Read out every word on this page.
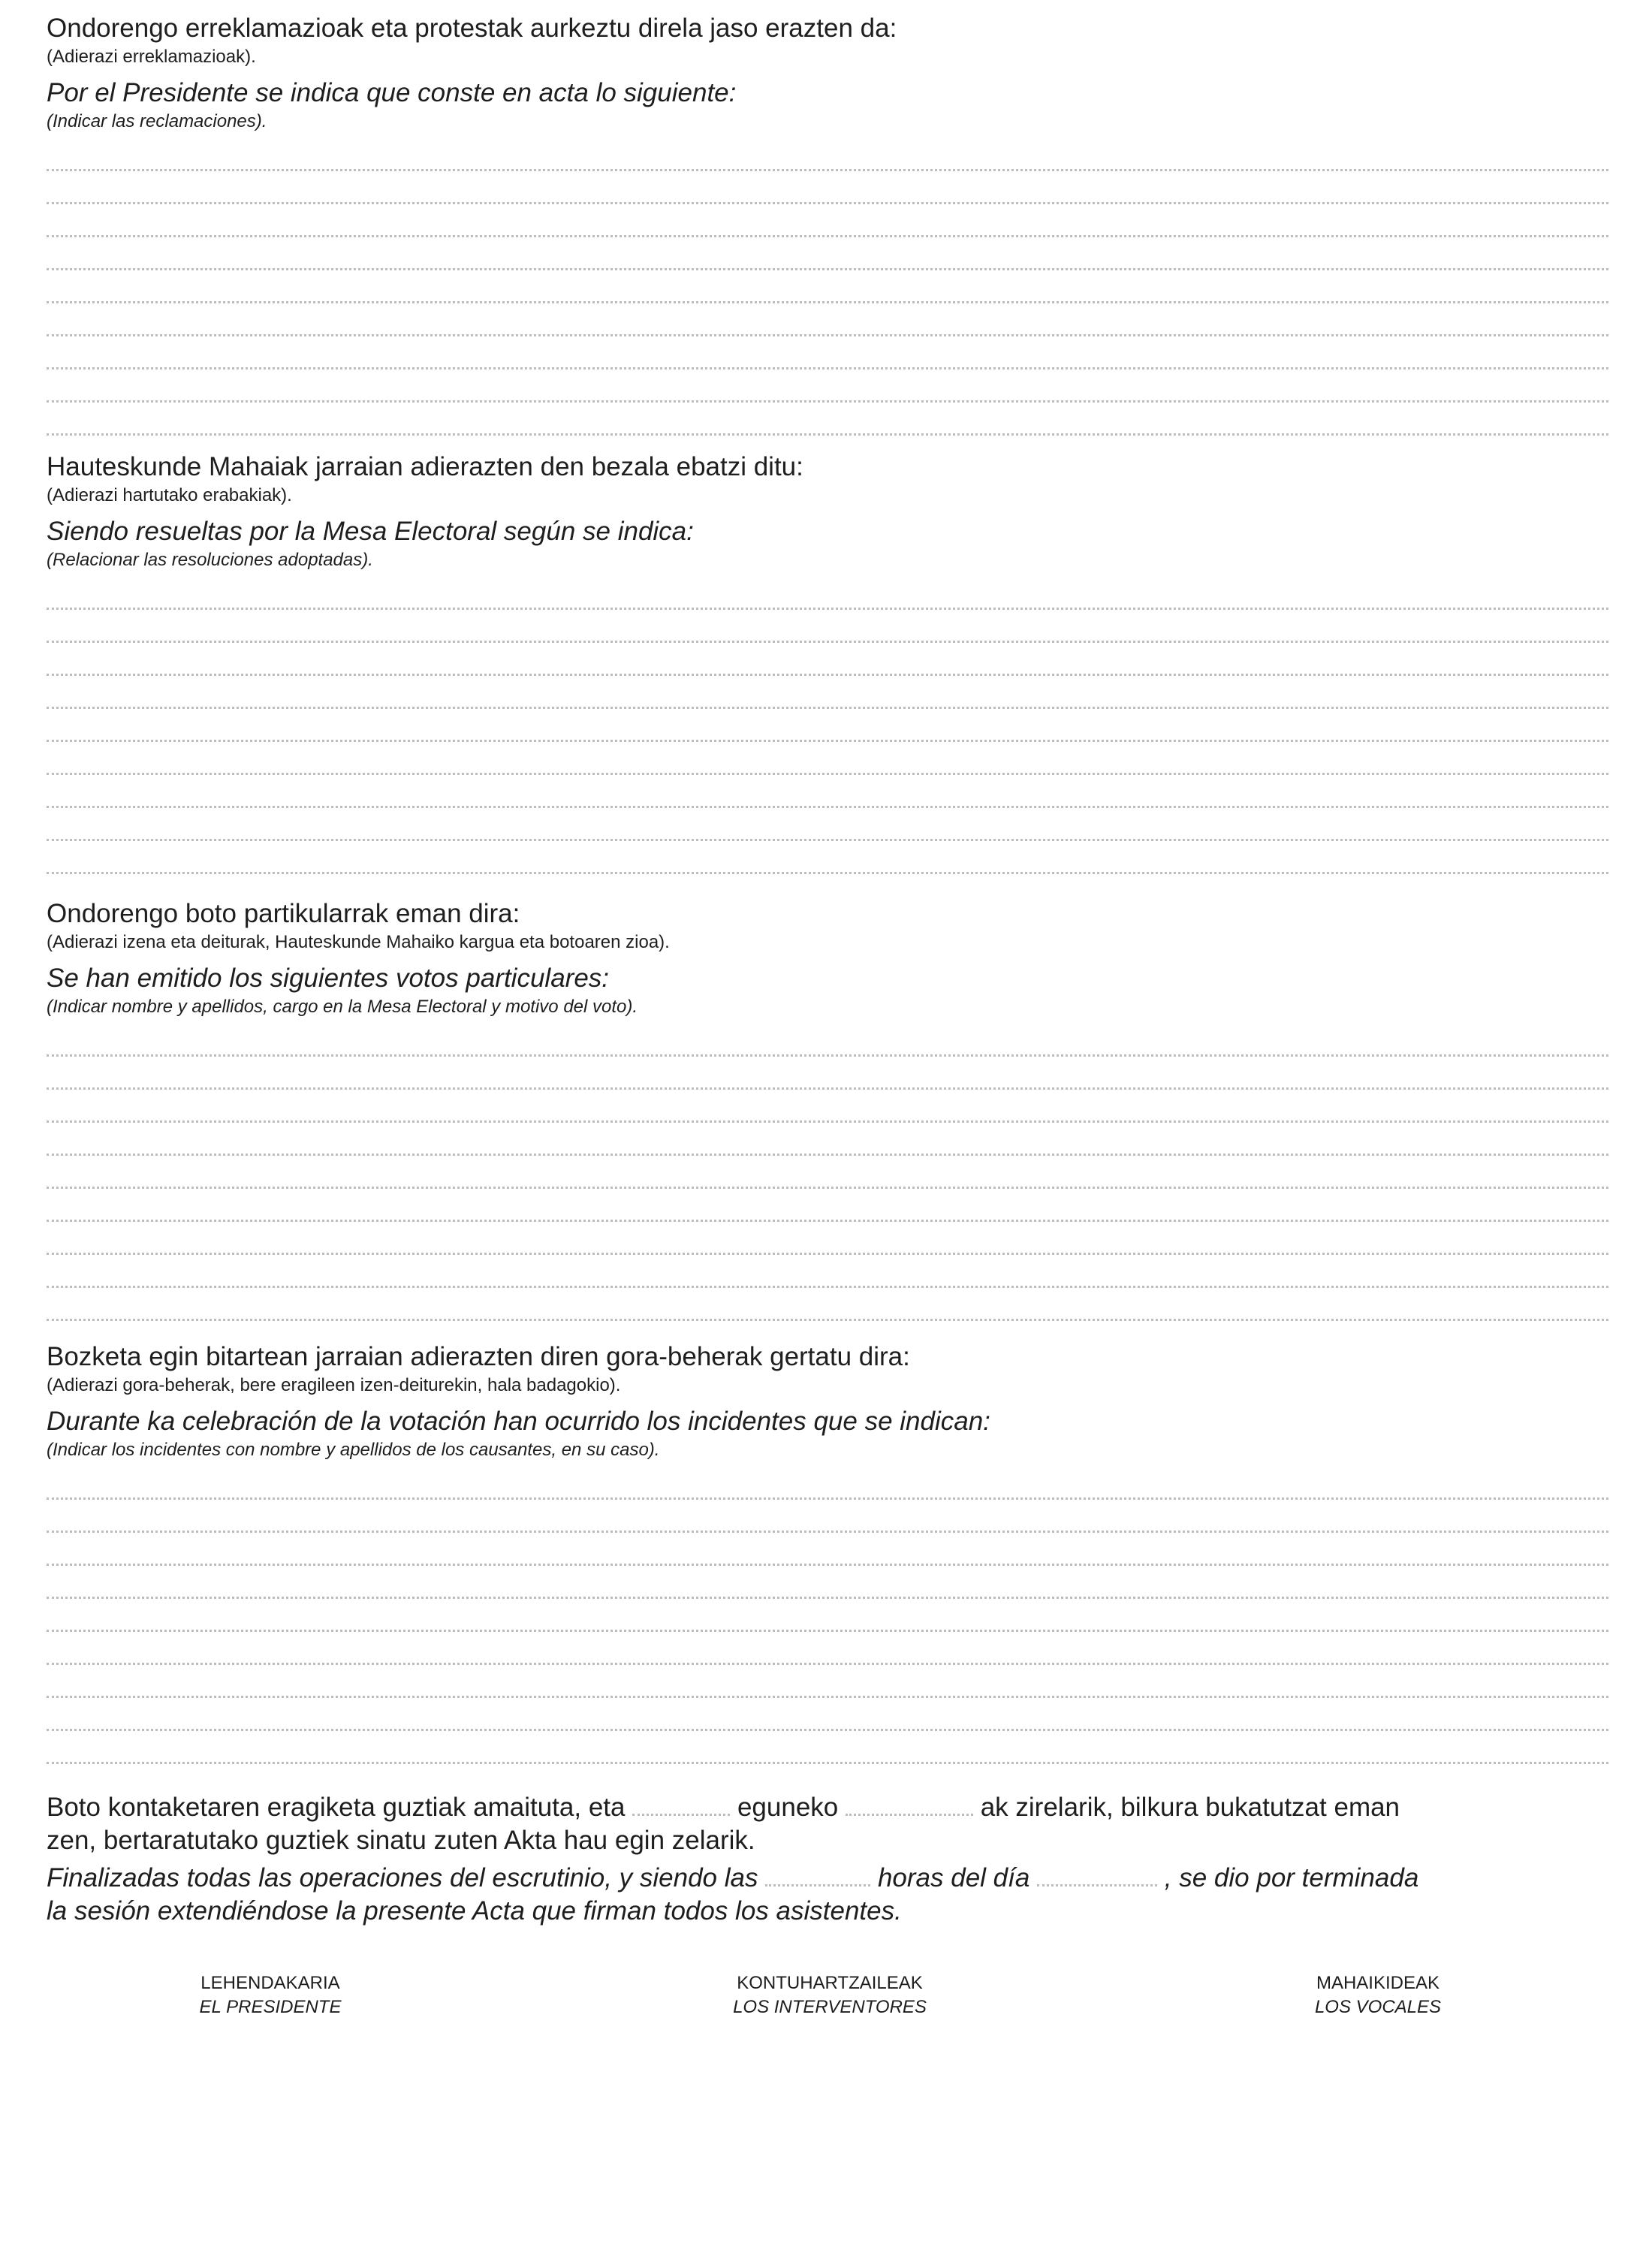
Ondorengo erreklamazioak eta protestak aurkeztu direla jaso erazten da:

(Adierazi erreklamazioak).

Por el Presidente se indica que conste en acta lo siguiente:

(Indicar las reclamaciones).

Hauteskunde Mahaiak jarraian adierazten den bezala ebatzi ditu:

(Adierazi hartutako erabakiak).

Siendo resueltas por la Mesa Electoral según se indica:

(Relacionar las resoluciones adoptadas).

Ondorengo boto partikularrak eman dira:

(Adierazi izena eta deiturak, Hauteskunde Mahaiko kargua eta botoaren zioa).

Se han emitido los siguientes votos particulares:

(Indicar nombre y apellidos, cargo en la Mesa Electoral y motivo del voto).

Bozketa egin bitartean jarraian adierazten diren gora-beherak gertatu dira:

(Adierazi gora-beherak, bere eragileen izen-deiturekin, hala badagokio).

Durante ka celebración de la votación han ocurrido los incidentes que se indican:

(Indicar los incidentes con nombre y apellidos de los causantes, en su caso).

Boto kontaketaren eragiketa guztiak amaituta, eta	eguneko	ak zirelarik, bilkura bukatutzat eman

zen, bertaratutako guztiek sinatu zuten Akta hau egin zelarik.

Finalizadas todas las operaciones del escrutinio, y siendo las	horas del día	, se dio por terminada

la sesión extendiéndose la presente Acta que firman todos los asistentes.

LEHENDAKARIA

EL PRESIDENTE

KONTUHARTZAILEAK

LOS INTERVENTORES

MAHAIKIDEAK

LOS VOCALES
